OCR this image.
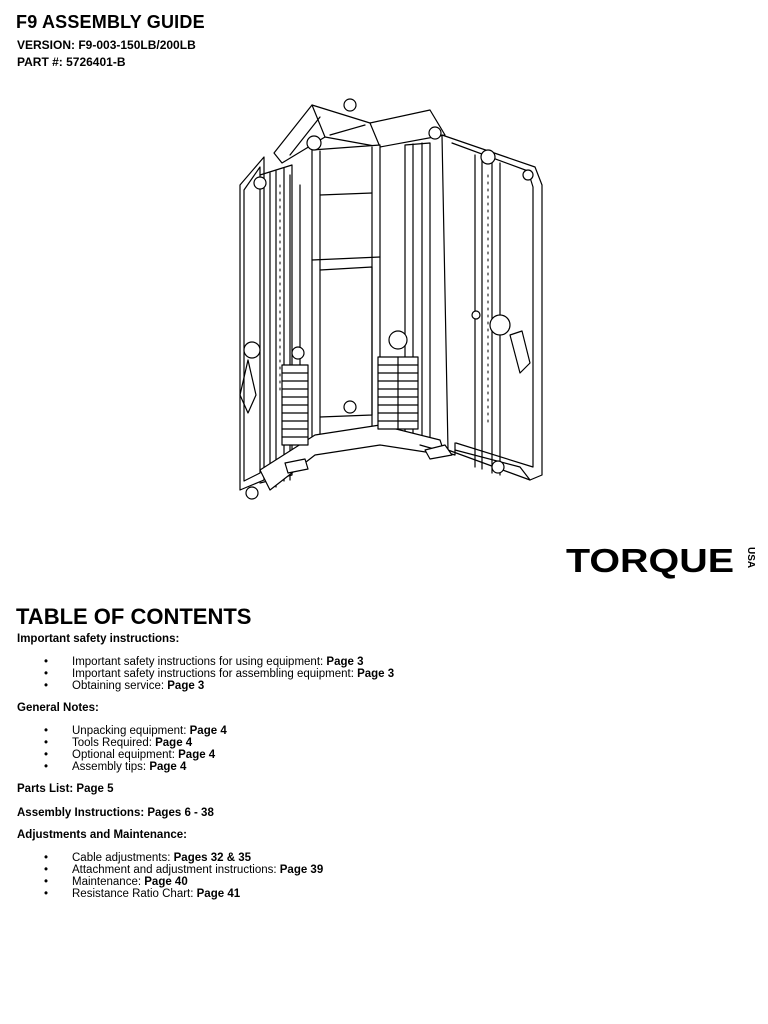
F9 ASSEMBLY GUIDE
VERSION: F9-003-150LB/200LB
PART #: 5726401-B
TORQUE USA
TABLE OF CONTENTS
Important safety instructions:
• Important safety instructions for using equipment: Page 3
• Important safety instructions for assembling equipment: Page 3
• Obtaining service: Page 3
General Notes:
• Unpacking equipment: Page 4
• Tools Required: Page 4
• Optional equipment: Page 4
• Assembly tips: Page 4
Parts List: Page 5
Assembly Instructions: Pages 6 - 38
Adjustments and Maintenance:
• Cable adjustments: Pages 32 & 35
• Attachment and adjustment instructions: Page 39
• Maintenance: Page 40
• Resistance Ratio Chart: Page 41
